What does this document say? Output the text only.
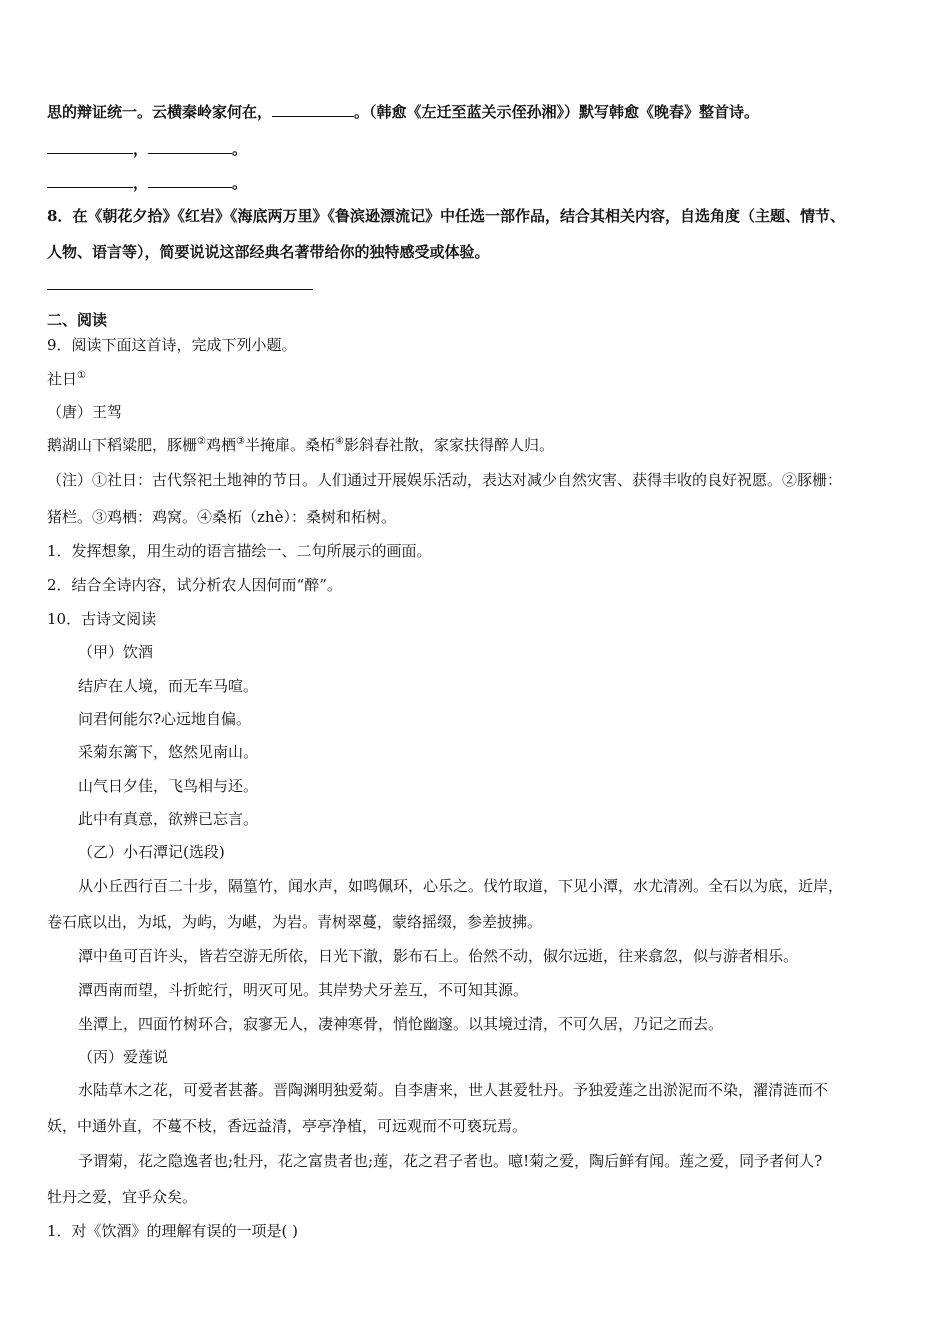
思的辩证统一。云横秦岭家何在，	。（韩愈《左迁至蓝关示侄孙湘》）默写韩愈《晚春》整首诗。
，	。
，	。
8．在《朝花夕拾》《红岩》《海底两万里》《鲁滨逊漂流记》中任选一部作品，结合其相关内容，自选角度（主题、情节、
人物、语言等），简要说说这部经典名著带给你的独特感受或体验。
二、阅读
9．阅读下面这首诗，完成下列小题。
社日①
（唐）王驾
鹅湖山下稻粱肥，豚栅②鸡栖③半掩扉。桑柘④影斜春社散，家家扶得醉人归。
（注）①社日：古代祭祀土地神的节日。人们通过开展娱乐活动，表达对减少自然灾害、获得丰收的良好祝愿。②豚栅：
猪栏。③鸡栖：鸡窝。④桑柘（zhè）：桑树和柘树。
1．发挥想象，用生动的语言描绘一、二句所展示的画面。
2．结合全诗内容，试分析农人因何而“醉”。
10．古诗文阅读
（甲）饮酒
结庐在人境，而无车马喧。
问君何能尔?心远地自偏。
采菊东篱下，悠然见南山。
山气日夕佳，飞鸟相与还。
此中有真意，欲辨已忘言。
（乙）小石潭记(选段)
从小丘西行百二十步，隔篁竹，闻水声，如鸣佩环，心乐之。伐竹取道，下见小潭，水尤清冽。全石以为底，近岸，
卷石底以出，为坻，为屿，为嵁，为岩。青树翠蔓，蒙络摇缀，参差披拂。
潭中鱼可百许头，皆若空游无所依，日光下澈，影布石上。佁然不动，俶尔远逝，往来翕忽，似与游者相乐。
潭西南而望，斗折蛇行，明灭可见。其岸势犬牙差互，不可知其源。
坐潭上，四面竹树环合，寂寥无人，凄神寒骨，悄怆幽邃。以其境过清，不可久居，乃记之而去。
（丙）爱莲说
水陆草木之花，可爱者甚蕃。晋陶渊明独爱菊。自李唐来，世人甚爱牡丹。予独爱莲之出淤泥而不染，濯清涟而不
妖，中通外直，不蔓不枝，香远益清，亭亭净植，可远观而不可亵玩焉。
予谓菊，花之隐逸者也;牡丹，花之富贵者也;莲，花之君子者也。噫!菊之爱，陶后鲜有闻。莲之爱，同予者何人?
牡丹之爱，宜乎众矣。
1．对《饮酒》的理解有误的一项是( )
